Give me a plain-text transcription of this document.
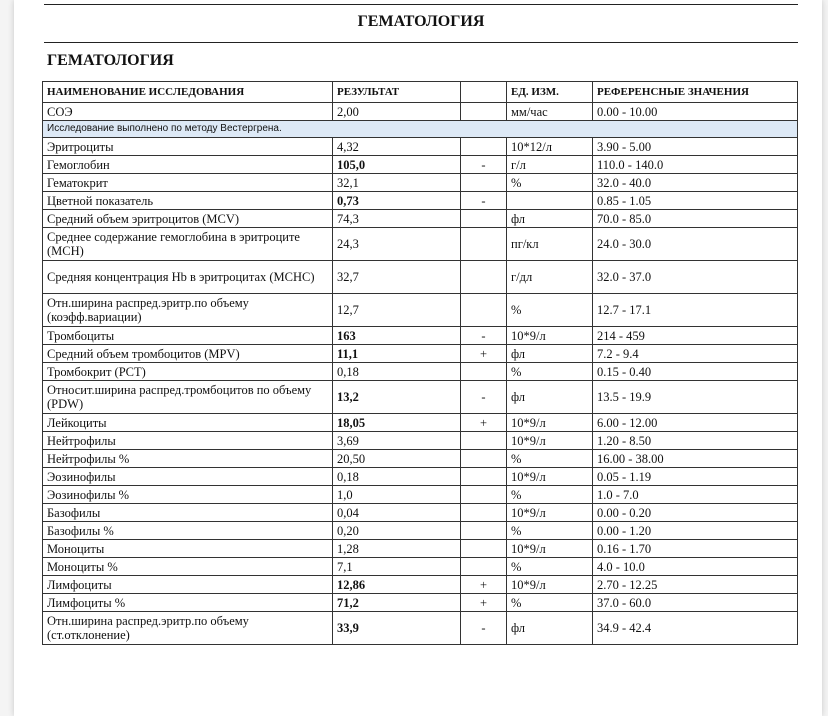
ГЕМАТОЛОГИЯ
ГЕМАТОЛОГИЯ
НАИМЕНОВАНИЕ ИССЛЕДОВАНИЯ	РЕЗУЛЬТАТ		ЕД. ИЗМ.	РЕФЕРЕНСНЫЕ ЗНАЧЕНИЯ
СОЭ	2,00		мм/час	0.00 - 10.00
Исследование выполнено по методу Вестергрена.				
Эритроциты	4,32		10*12/л	3.90 - 5.00
Гемоглобин	105,0	-	г/л	110.0 - 140.0
Гематокрит	32,1		%	32.0 - 40.0
Цветной показатель	0,73	-		0.85 - 1.05
Средний объем эритроцитов (MCV)	74,3		фл	70.0 - 85.0
Среднее содержание гемоглобина в эритроците (МСН)	24,3		пг/кл	24.0 - 30.0
Средняя концентрация Hb в эритроцитах (МСНС)	32,7		г/дл	32.0 - 37.0
Отн.ширина распред.эритр.по объему (коэфф.вариации)	12,7		%	12.7 - 17.1
Тромбоциты	163	-	10*9/л	214 - 459
Средний объем тромбоцитов (MPV)	11,1	+	фл	7.2 - 9.4
Тромбокрит (PCT)	0,18		%	0.15 - 0.40
Относит.ширина распред.тромбоцитов по объему (PDW)	13,2	-	фл	13.5 - 19.9
Лейкоциты	18,05	+	10*9/л	6.00 - 12.00
Нейтрофилы	3,69		10*9/л	1.20 - 8.50
Нейтрофилы %	20,50		%	16.00 - 38.00
Эозинофилы	0,18		10*9/л	0.05 - 1.19
Эозинофилы %	1,0		%	1.0 - 7.0
Базофилы	0,04		10*9/л	0.00 - 0.20
Базофилы %	0,20		%	0.00 - 1.20
Моноциты	1,28		10*9/л	0.16 - 1.70
Моноциты %	7,1		%	4.0 - 10.0
Лимфоциты	12,86	+	10*9/л	2.70 - 12.25
Лимфоциты %	71,2	+	%	37.0 - 60.0
Отн.ширина распред.эритр.по объему (ст.отклонение)	33,9	-	фл	34.9 - 42.4
